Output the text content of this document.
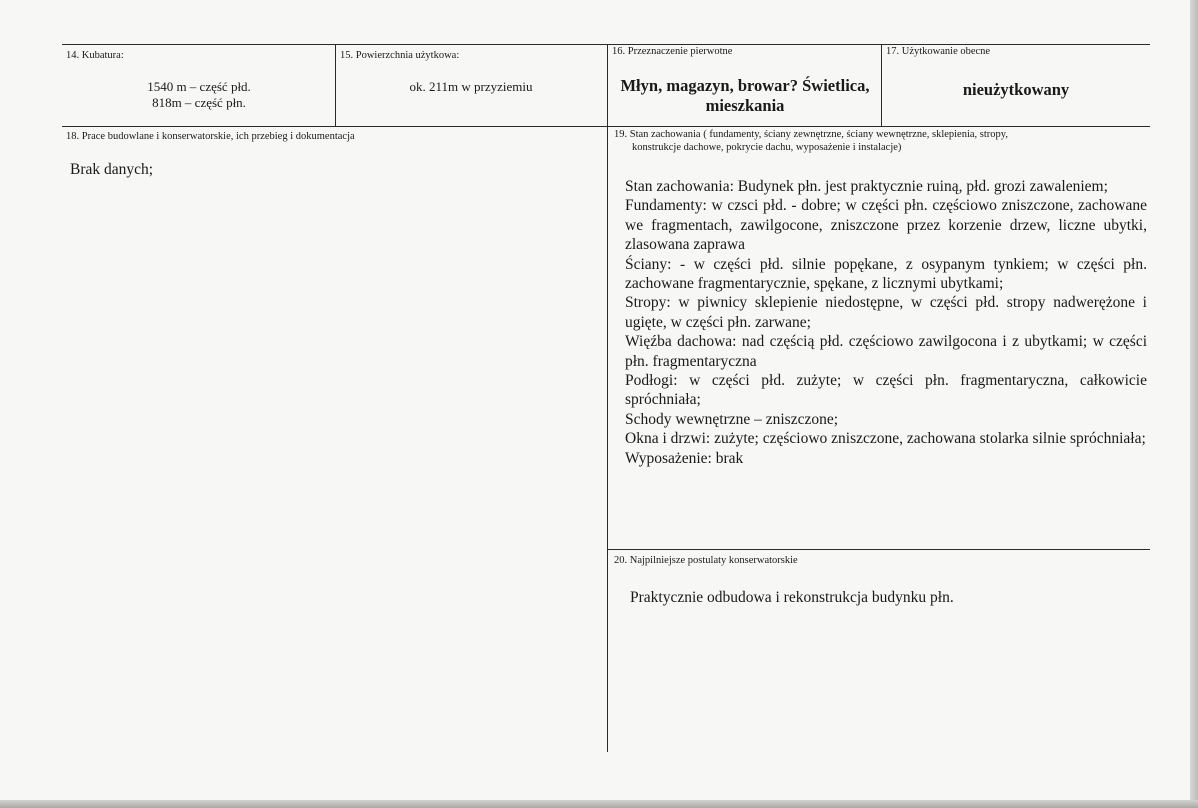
14. Kubatura:
1540 m – część płd.
818m – część płn.
15. Powierzchnia użytkowa:
ok. 211m w przyziemiu
16. Przeznaczenie pierwotne
Młyn, magazyn, browar? Świetlica, mieszkania
17. Użytkowanie obecne
nieużytkowany
18. Prace budowlane i konserwatorskie, ich przebieg i dokumentacja
Brak danych;
19. Stan zachowania ( fundamenty, ściany zewnętrzne, ściany wewnętrzne, sklepienia, stropy,
konstrukcje dachowe, pokrycie dachu, wyposażenie i instalacje)

Stan zachowania: Budynek płn. jest praktycznie ruiną, płd. grozi zawaleniem;

Fundamenty: w czsci płd. - dobre; w części płn. częściowo zniszczone, zachowane we fragmentach, zawilgocone, zniszczone przez korzenie drzew, liczne ubytki, zlasowana zaprawa

Ściany: - w części płd. silnie popękane, z osypanym tynkiem; w części płn. zachowane fragmentarycznie, spękane, z licznymi ubytkami;

Stropy: w piwnicy sklepienie niedostępne, w części płd. stropy nadwerężone i ugięte, w części płn. zarwane;

Więźba dachowa: nad częścią płd. częściowo zawilgocona i z ubytkami; w części płn. fragmentaryczna

Podłogi: w części płd. zużyte; w części płn. fragmentaryczna, całkowicie spróchniała;

Schody wewnętrzne – zniszczone;

Okna i drzwi: zużyte; częściowo zniszczone, zachowana stolarka silnie spróchniała;

Wyposażenie: brak

20. Najpilniejsze postulaty konserwatorskie
Praktycznie odbudowa i rekonstrukcja budynku płn.
